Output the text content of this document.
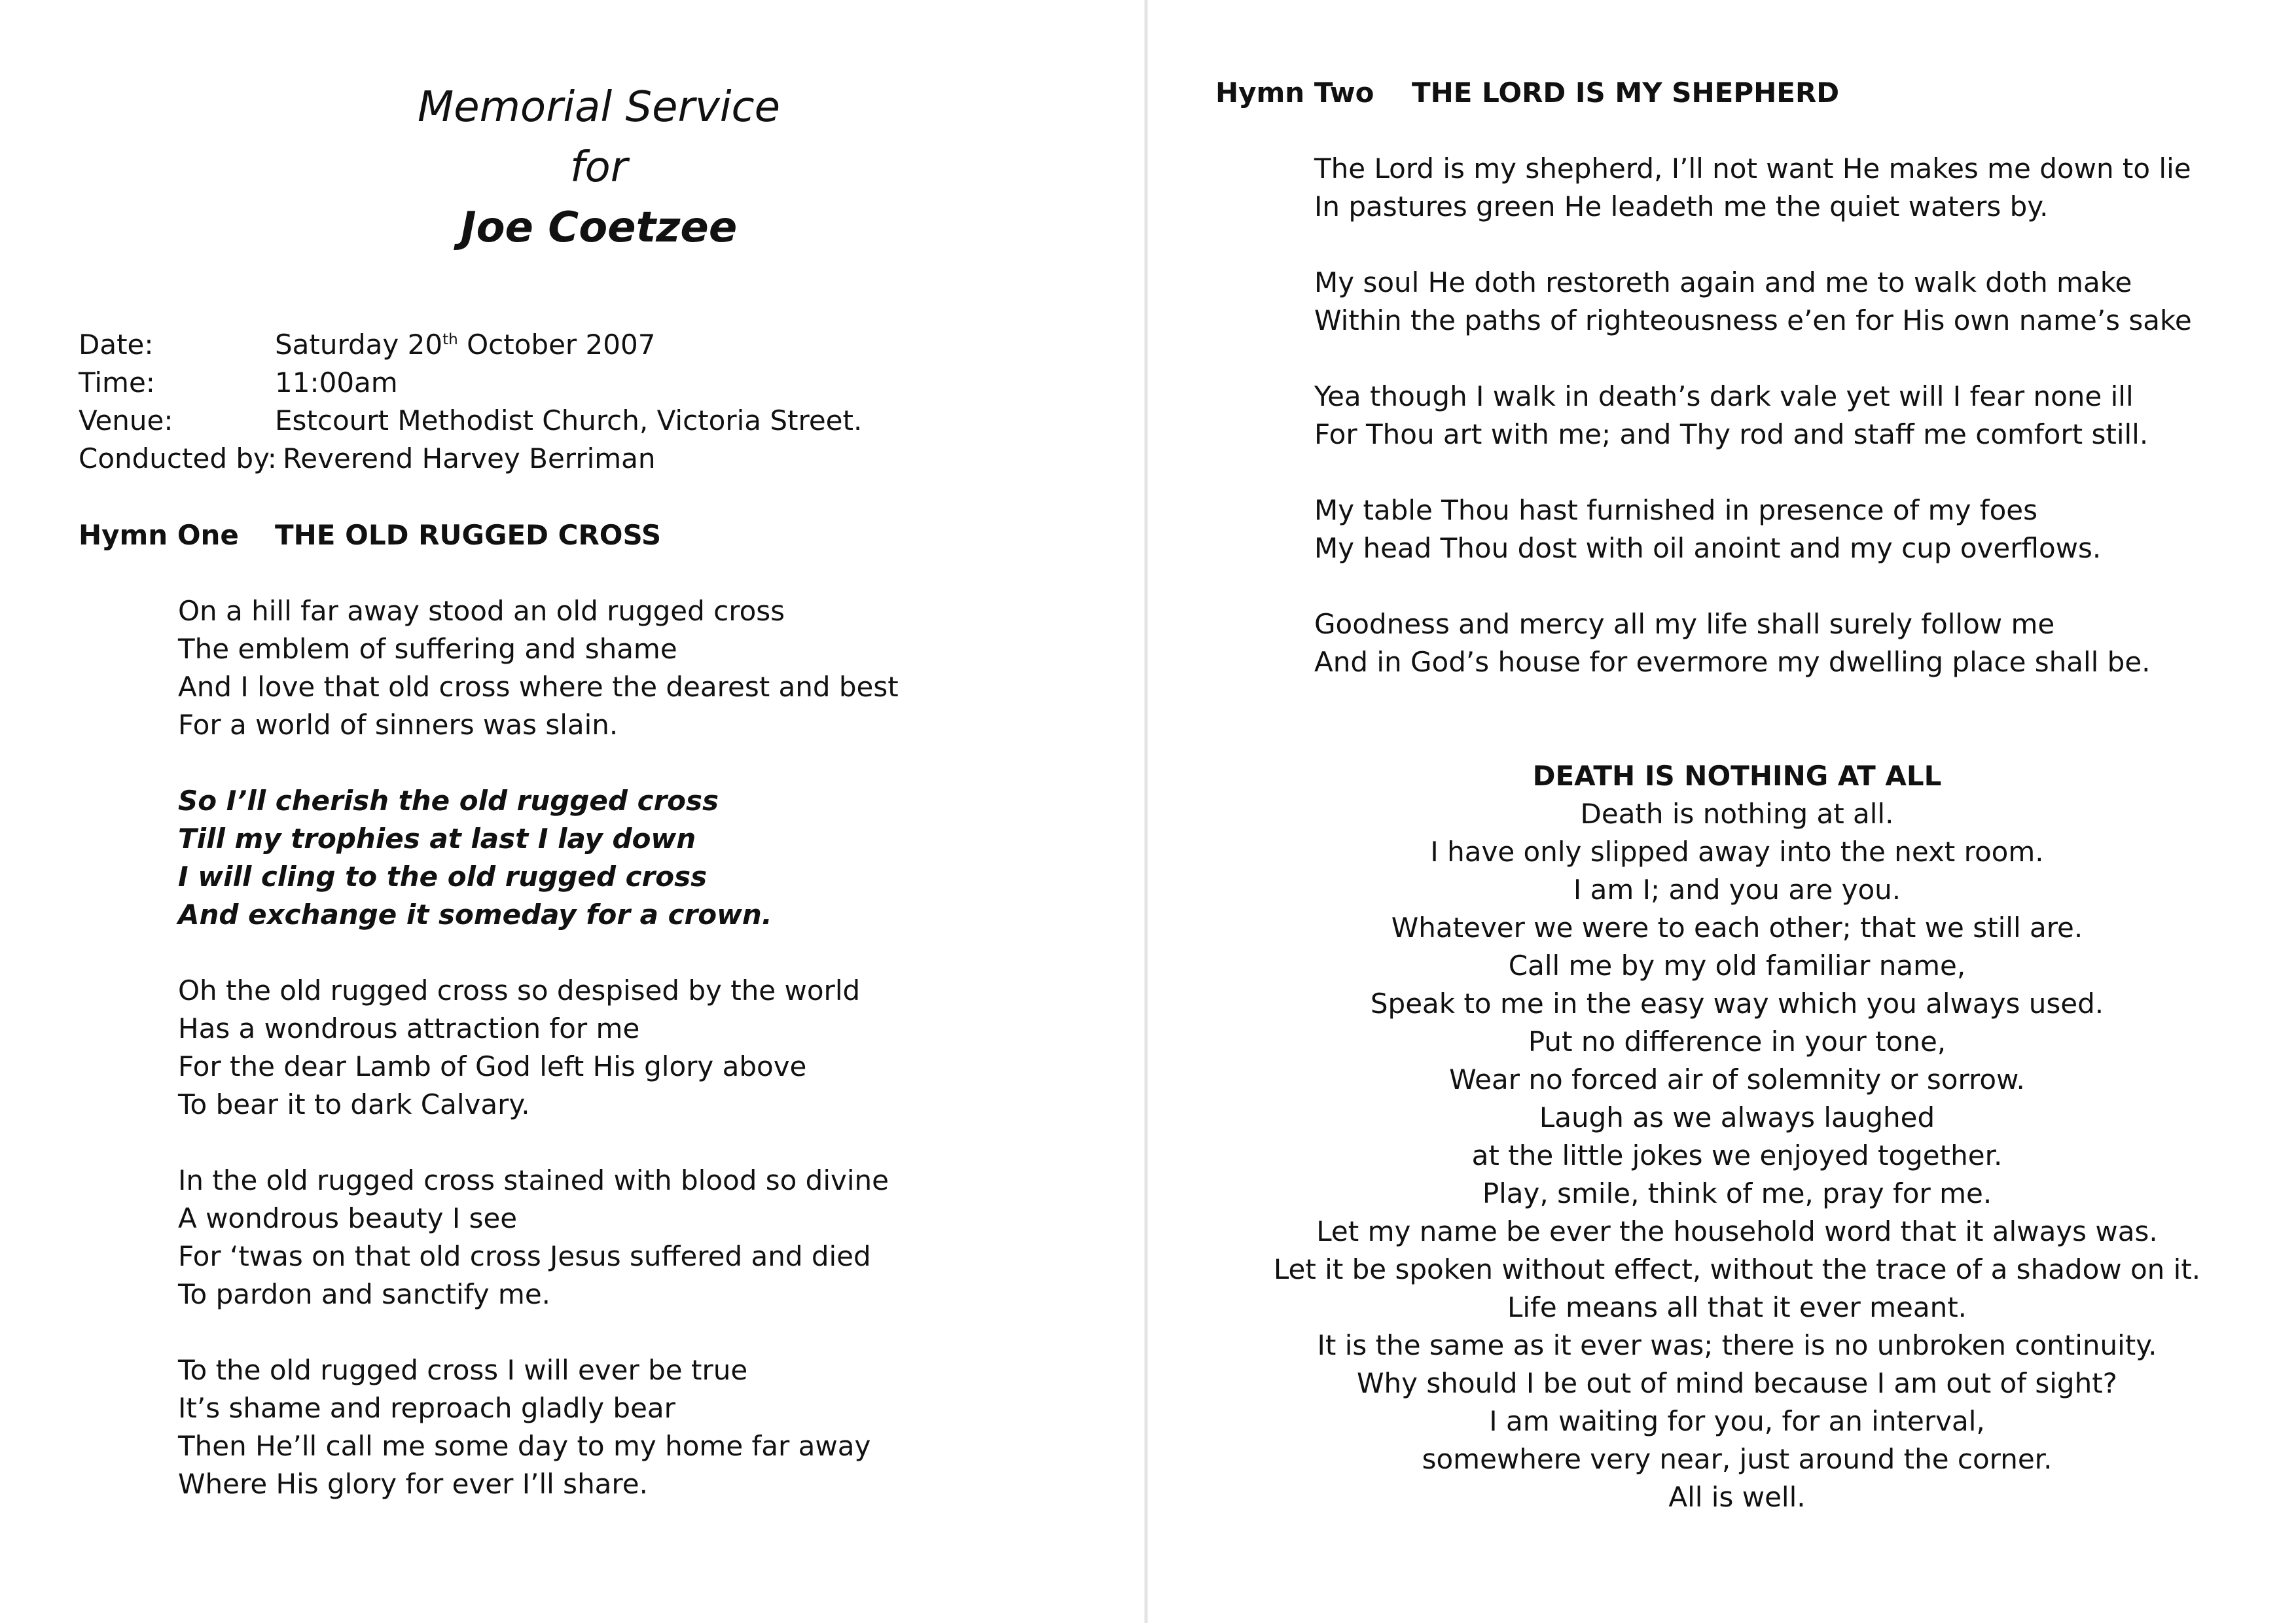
Memorial Service
for
Joe Coetzee
Date:	Saturday 20th October 2007
Time:	11:00am
Venue:	Estcourt Methodist Church, Victoria Street.
Conducted by: Reverend Harvey Berriman
Hymn One	THE OLD RUGGED CROSS
On a hill far away stood an old rugged cross
The emblem of suffering and shame
And I love that old cross where the dearest and best
For a world of sinners was slain.
So I’ll cherish the old rugged cross
Till my trophies at last I lay down
I will cling to the old rugged cross
And exchange it someday for a crown.
Oh the old rugged cross so despised by the world
Has a wondrous attraction for me
For the dear Lamb of God left His glory above
To bear it to dark Calvary.
In the old rugged cross stained with blood so divine
A wondrous beauty I see
For ‘twas on that old cross Jesus suffered and died
To pardon and sanctify me.
To the old rugged cross I will ever be true
It’s shame and reproach gladly bear
Then He’ll call me some day to my home far away
Where His glory for ever I’ll share.
Hymn Two	THE LORD IS MY SHEPHERD
The Lord is my shepherd, I’ll not want He makes me down to lie
In pastures green He leadeth me the quiet waters by.
My soul He doth restoreth again and me to walk doth make
Within the paths of righteousness e’en for His own name’s sake
Yea though I walk in death’s dark vale yet will I fear none ill
For Thou art with me; and Thy rod and staff me comfort still.
My table Thou hast furnished in presence of my foes
My head Thou dost with oil anoint and my cup overflows.
Goodness and mercy all my life shall surely follow me
And in God’s house for evermore my dwelling place shall be.
DEATH IS NOTHING AT ALL
Death is nothing at all.
I have only slipped away into the next room.
I am I; and you are you.
Whatever we were to each other; that we still are.
Call me by my old familiar name,
Speak to me in the easy way which you always used.
Put no difference in your tone,
Wear no forced air of solemnity or sorrow.
Laugh as we always laughed
at the little jokes we enjoyed together.
Play, smile, think of me, pray for me.
Let my name be ever the household word that it always was.
Let it be spoken without effect, without the trace of a shadow on it.
Life means all that it ever meant.
It is the same as it ever was; there is no unbroken continuity.
Why should I be out of mind because I am out of sight?
I am waiting for you, for an interval,
somewhere very near, just around the corner.
All is well.
